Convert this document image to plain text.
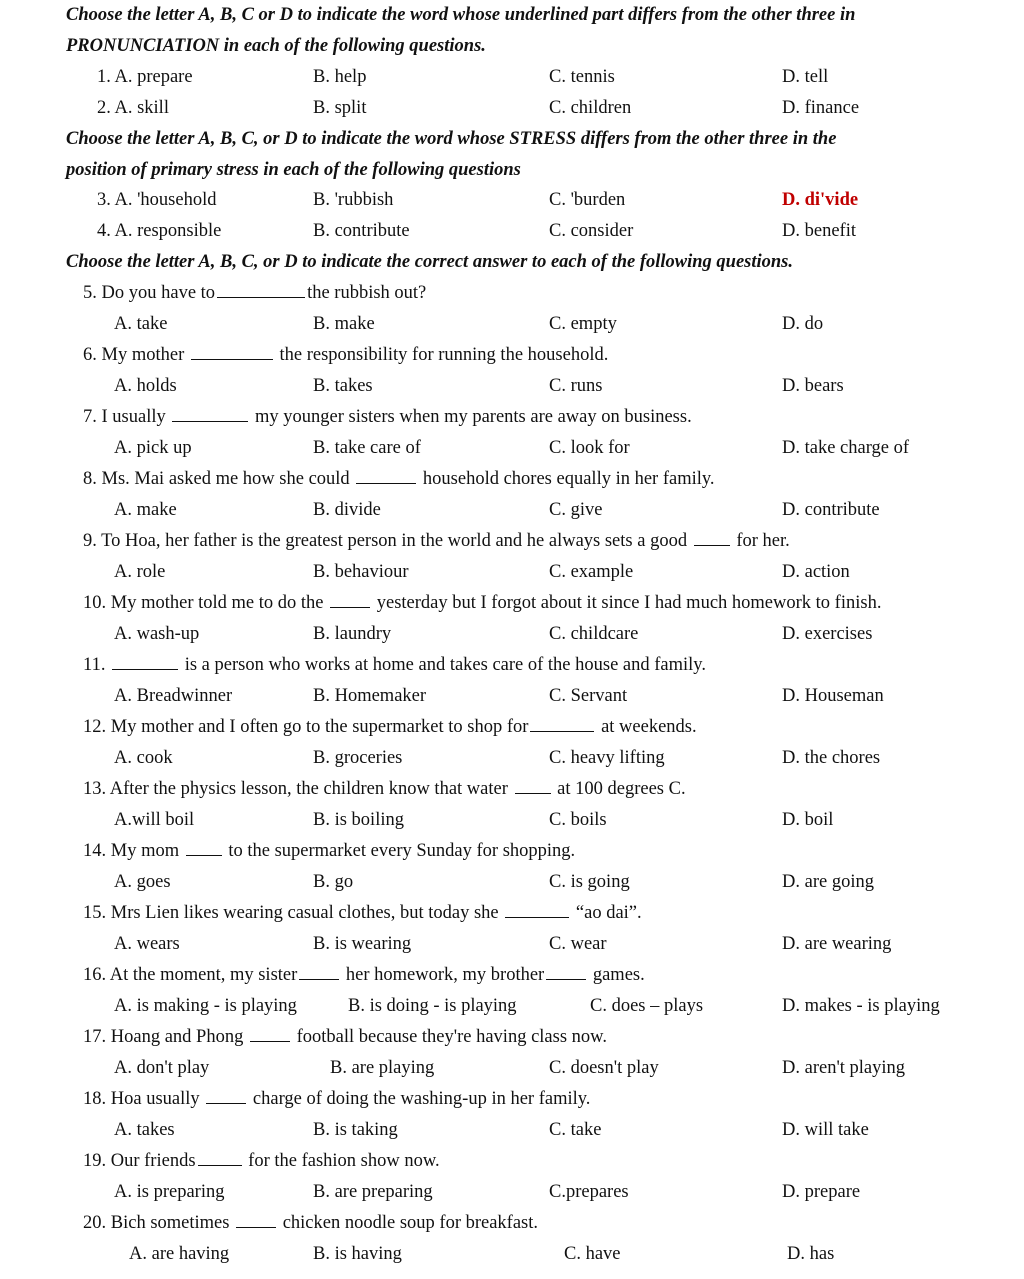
Choose the letter A, B, C or D to indicate the word whose underlined part differs from the other three in
PRONUNCIATION in each of the following questions.
1. A. prepare	B. help	C. tennis	D. tell
2. A. skill	B. split	C. children	D. finance
Choose the letter A, B, C, or D to indicate the word whose STRESS differs from the other three in the
position of primary stress in each of the following questions
3. A. 'household	B. 'rubbish	C. 'burden	D. di'vide
4. A. responsible	B. contribute	C. consider	D. benefit
Choose the letter A, B, C, or D to indicate the correct answer to each of the following questions.
5. Do you have to	the rubbish out?
A. take	B. make	C. empty	D. do
6. My mother	the responsibility for running the household.
A. holds	B. takes	C. runs	D. bears
7. I usually	my younger sisters when my parents are away on business.
A. pick up	B. take care of	C. look for	D. take charge of
8. Ms. Mai asked me how she could	household chores equally in her family.
A. make	B. divide	C. give	D. contribute
9. To Hoa, her father is the greatest person in the world and he always sets a good	for her.
A. role	B. behaviour	C. example	D. action
10. My mother told me to do the	yesterday but I forgot about it since I had much homework to finish.
A. wash-up	B. laundry	C. childcare	D. exercises
11.	is a person who works at home and takes care of the house and family.
A. Breadwinner	B. Homemaker	C. Servant	D. Houseman
12. My mother and I often go to the supermarket to shop for	at weekends.
A. cook	B. groceries	C. heavy lifting	D. the chores
13. After the physics lesson, the children know that water	at 100 degrees C.
A.will boil	B. is boiling	C. boils	D. boil
14. My mom	to the supermarket every Sunday for shopping.
A. goes	B. go	C. is going	D. are going
15. Mrs Lien likes wearing casual clothes, but today she	“ao dai”.
A. wears	B. is wearing	C. wear	D. are wearing
16. At the moment, my sister	her homework, my brother	games.
A. is making - is playing	B. is doing - is playing	C. does – plays	D. makes - is playing
17. Hoang and Phong	football because they're having class now.
A. don't play	B. are playing	C. doesn't play	D. aren't playing
18. Hoa usually	charge of doing the washing-up in her family.
A. takes	B. is taking	C. take	D. will take
19. Our friends	for the fashion show now.
A. is preparing	B. are preparing	C.prepares	D. prepare
20. Bich sometimes	chicken noodle soup for breakfast.
A. are having	B. is having	C. have	D. has
